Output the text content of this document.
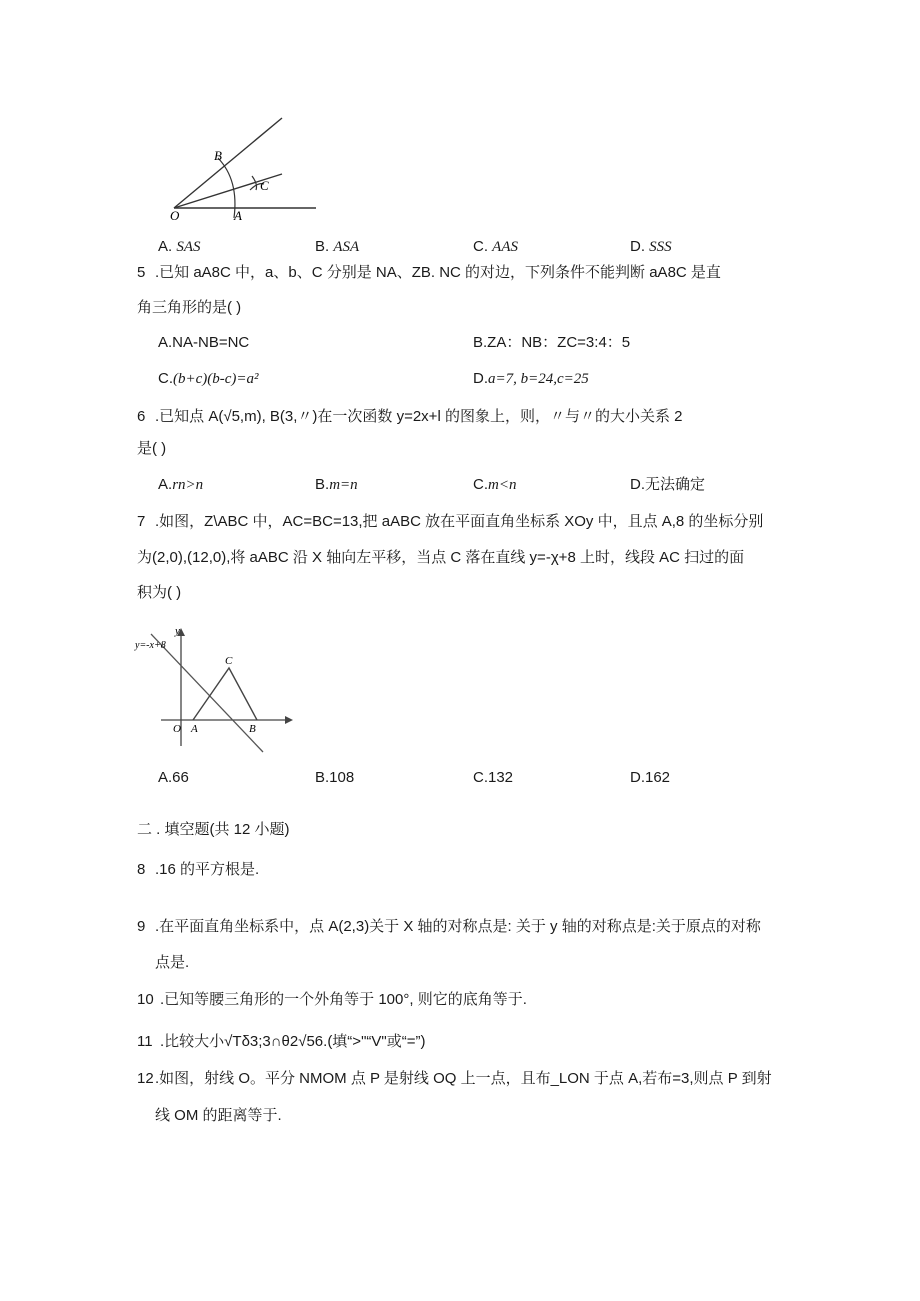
O	A
B
C
A. SAS	B. ASA	C. AAS	D. SSS
5 .已知 aA8C 中，a、b、C 分别是 NA、ZB. NC 的对边，下列条件不能判断 aA8C 是直
角三角形的是( )
A.NA-NB=NC	B.ZA：NB：ZC=3:4：5
C.(b+c)(b-c)=a²	D.a=7, b=24,c=25
6 .已知点 A(√5,m), B(3,〃)在一次函数 y=2x+l 的图象上，则，〃与〃的大小关系 2
是( )
A.rn>n	B.m=n	C.m<n	D.无法确定
7 .如图，Z\ABC 中，AC=BC=13,把 aABC 放在平面直角坐标系 XOy 中，且点 A,8 的坐标分别
为(2,0),(12,0),将 aABC 沿 X 轴向左平移，当点 C 落在直线 y=-χ+8 上时，线段 AC 扫过的面
积为( )
y=-x+8
y
O A	B
C
A.66	B.108	C.132	D.162
二 . 填空题(共 12 小题)
8 .16 的平方根是.
9 .在平面直角坐标系中，点 A(2,3)关于 X 轴的对称点是: 关于 y 轴的对称点是:关于原点的对称
点是.
10 .已知等腰三角形的一个外角等于 100°, 则它的底角等于.
11 .比较大小√Tδ3;3∩θ2√56.(填“>"“V"或“=”)
12 .如图，射线 O。平分 NMOM 点 P 是射线 OQ 上一点，且布_LON 于点 A,若布=3,则点 P 到射
线 OM 的距离等于.
